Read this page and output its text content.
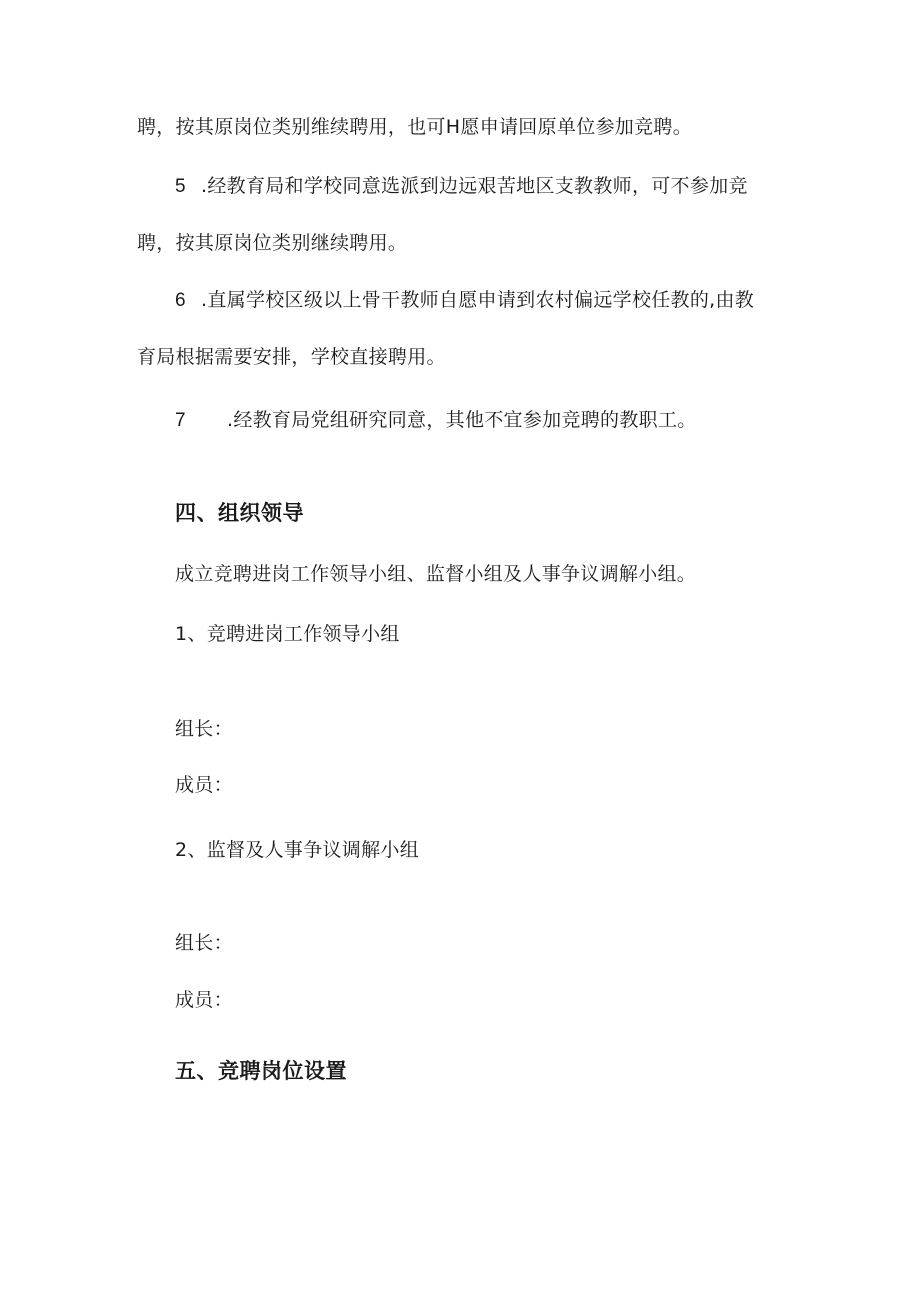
聘，按其原岗位类别维续聘用，也可H愿申请回原单位参加竞聘。
5 .经教育局和学校同意选派到边远艰苦地区支教教师，可不参加竞
聘，按其原岗位类别继续聘用。
6 .直属学校区级以上骨干教师自愿申请到农村偏远学校任教的,由教
育局根据需要安排，学校直接聘用。
7 .经教育局党组研究同意，其他不宜参加竞聘的教职工。
四、组织领导
成立竞聘进岗工作领导小组、监督小组及人事争议调解小组。
1、竞聘进岗工作领导小组
组长：
成员：
2、监督及人事争议调解小组
组长：
成员：
五、竞聘岗位设置
